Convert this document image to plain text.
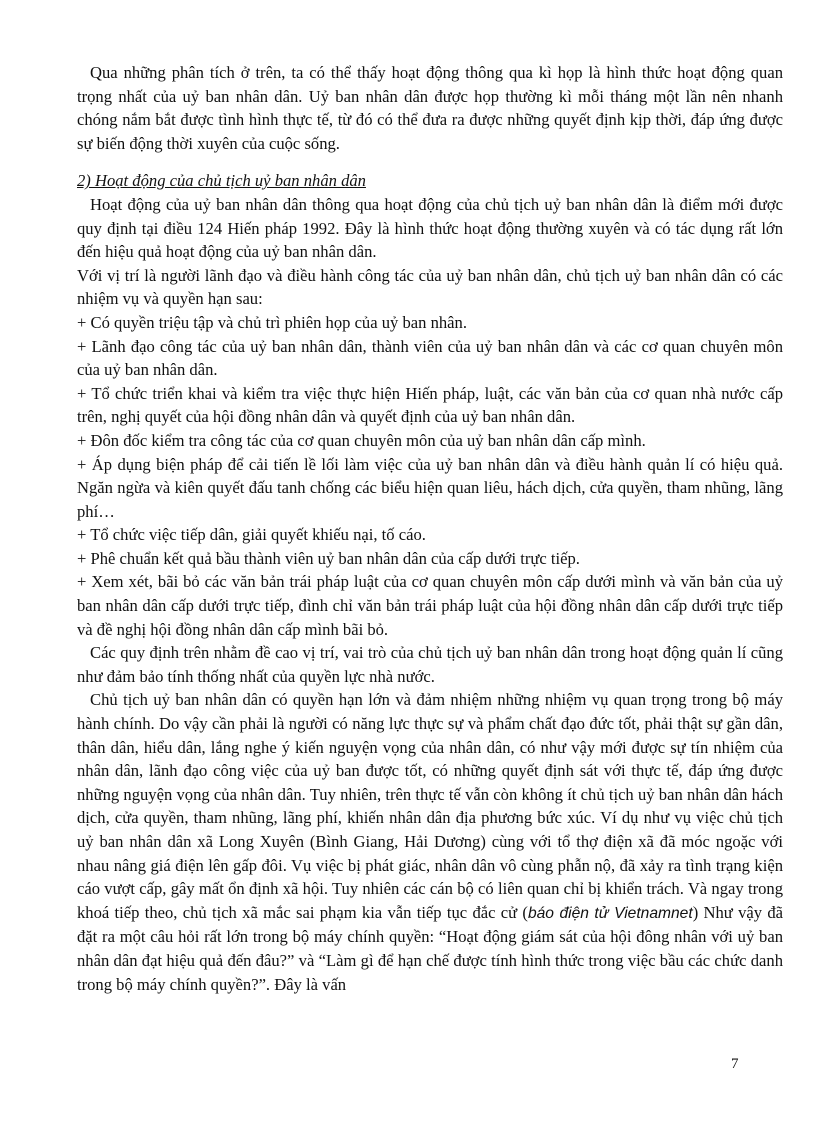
Qua những phân tích ở trên, ta có thể thấy hoạt động thông qua kì họp là hình thức hoạt động quan trọng nhất của uỷ ban nhân dân. Uỷ ban nhân dân được họp thường kì mỗi tháng một lần nên nhanh chóng nắm bắt được tình hình thực tế, từ đó có thể đưa ra được những quyết định kịp thời, đáp ứng được sự biến động thời xuyên của cuộc sống.

2) Hoạt động của chủ tịch uỷ ban nhân dân

Hoạt động của uỷ ban nhân dân thông qua hoạt động của chủ tịch uỷ ban nhân dân là điểm mới được quy định tại điều 124 Hiến pháp 1992. Đây là hình thức hoạt động thường xuyên và có tác dụng rất lớn đến hiệu quả hoạt động của uỷ ban nhân dân.

Với vị trí là người lãnh đạo và điều hành công tác của uỷ ban nhân dân, chủ tịch uỷ ban nhân dân có các nhiệm vụ và quyền hạn sau:

+ Có quyền triệu tập và chủ trì phiên họp của uỷ ban nhân.

+ Lãnh đạo công tác của uỷ ban nhân dân, thành viên của uỷ ban nhân dân và các cơ quan chuyên môn của uỷ ban nhân dân.

+ Tổ chức triển khai và kiểm tra việc thực hiện Hiến pháp, luật, các văn bản của cơ quan nhà nước cấp trên, nghị quyết của hội đồng nhân dân và quyết định của uỷ ban nhân dân.

+ Đôn đốc kiểm tra công tác của cơ quan chuyên môn của uỷ ban nhân dân cấp mình.

+ Áp dụng biện pháp để cải tiến lề lối làm việc của uỷ ban nhân dân và điều hành quản lí có hiệu quả. Ngăn ngừa và kiên quyết đấu tanh chống các biểu hiện quan liêu, hách dịch, cửa quyền, tham nhũng, lãng phí…

+ Tổ chức việc tiếp dân, giải quyết khiếu nại, tố cáo.

+ Phê chuẩn kết quả bầu thành viên uỷ ban nhân dân của cấp dưới trực tiếp.

+ Xem xét, bãi bỏ các văn bản trái pháp luật của cơ quan chuyên môn cấp dưới mình và văn bản của uỷ ban nhân dân cấp dưới trực tiếp, đình chỉ văn bản trái pháp luật của hội đồng nhân dân cấp dưới trực tiếp và đề nghị hội đồng nhân dân cấp mình bãi bỏ.

Các quy định trên nhằm đề cao vị trí, vai trò của chủ tịch uỷ ban nhân dân trong hoạt động quản lí cũng như đảm bảo tính thống nhất của quyền lực nhà nước.

Chủ tịch uỷ ban nhân dân có quyền hạn lớn và đảm nhiệm những nhiệm vụ quan trọng trong bộ máy hành chính. Do vậy cần phải là người có năng lực thực sự và phẩm chất đạo đức tốt, phải thật sự gần dân, thân dân, hiểu dân, lắng nghe ý kiến nguyện vọng của nhân dân, có như vậy mới được sự tín nhiệm của nhân dân, lãnh đạo công việc của uỷ ban được tốt, có những quyết định sát với thực tế, đáp ứng được những nguyện vọng của nhân dân. Tuy nhiên, trên thực tế vẫn còn không ít chủ tịch uỷ ban nhân dân hách dịch, cửa quyền, tham nhũng, lãng phí, khiến nhân dân địa phương bức xúc. Ví dụ như vụ việc chủ tịch uỷ ban nhân dân xã Long Xuyên (Bình Giang, Hải Dương) cùng với tổ thợ điện xã đã móc ngoặc với nhau nâng giá điện lên gấp đôi. Vụ việc bị phát giác, nhân dân vô cùng phẫn nộ, đã xảy ra tình trạng kiện cáo vượt cấp, gây mất ổn định xã hội. Tuy nhiên các cán bộ có liên quan chỉ bị khiển trách. Và ngay trong khoá tiếp theo, chủ tịch xã mắc sai phạm kia vẫn tiếp tục đắc cử (báo điện tử Vietnamnet) Như vậy đã đặt ra một câu hỏi rất lớn trong bộ máy chính quyền: “Hoạt động giám sát của hội đông nhân với uỷ ban nhân dân đạt hiệu quả đến đâu?” và “Làm gì để hạn chế được tính hình thức trong việc bầu các chức danh trong bộ máy chính quyền?”. Đây là vấn

7
